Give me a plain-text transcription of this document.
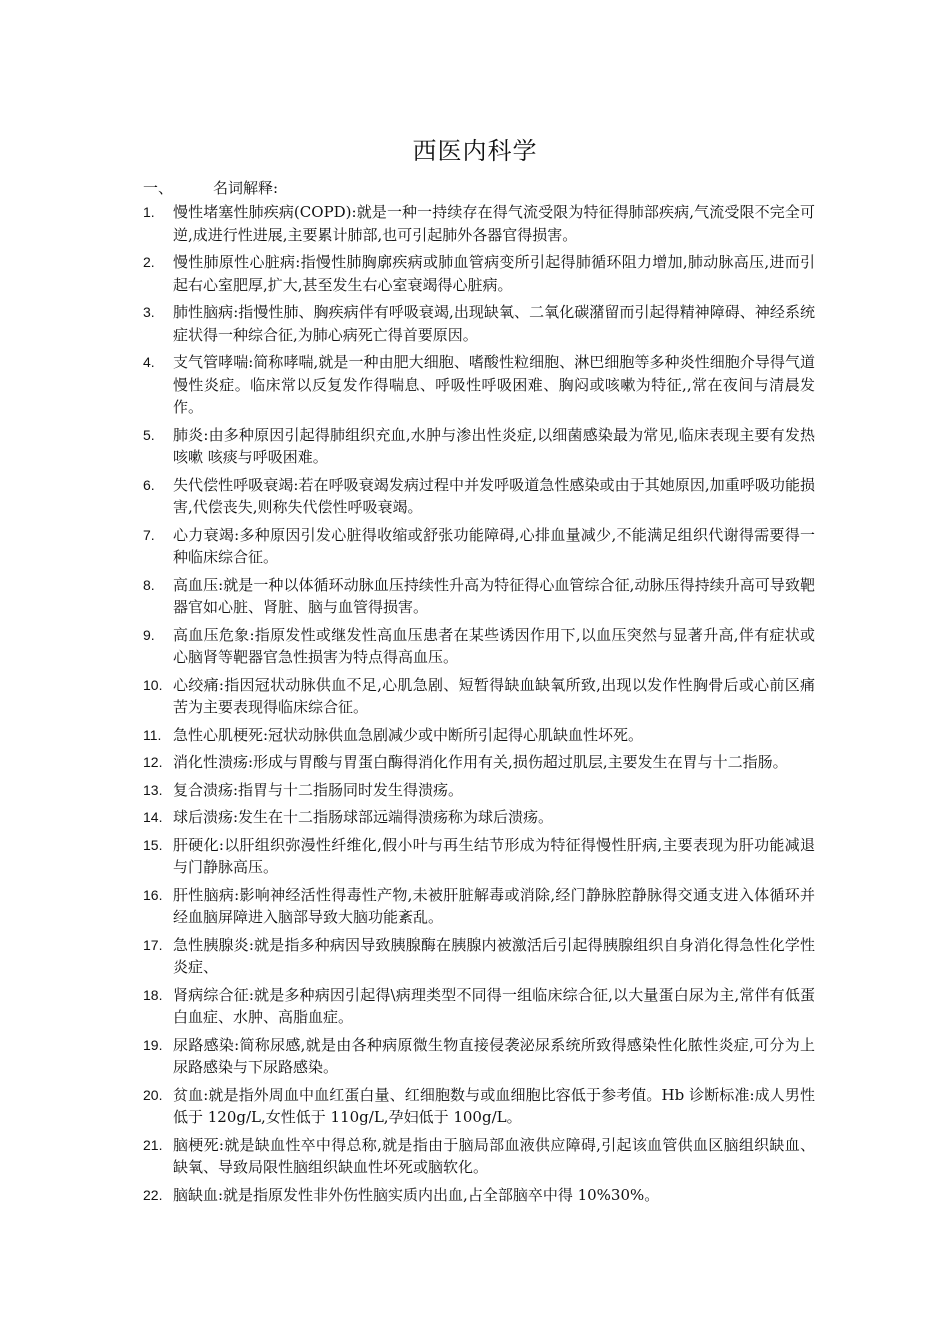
西医内科学
一、	名词解释:
1. 慢性堵塞性肺疾病(COPD):就是一种一持续存在得气流受限为特征得肺部疾病,气流受限不完全可逆,成进行性进展,主要累计肺部,也可引起肺外各器官得损害。
2. 慢性肺原性心脏病:指慢性肺胸廓疾病或肺血管病变所引起得肺循环阻力增加,肺动脉高压,进而引起右心室肥厚,扩大,甚至发生右心室衰竭得心脏病。
3. 肺性脑病:指慢性肺、胸疾病伴有呼吸衰竭,出现缺氧、二氧化碳潴留而引起得精神障碍、神经系统症状得一种综合征,为肺心病死亡得首要原因。
4. 支气管哮喘:简称哮喘,就是一种由肥大细胞、嗜酸性粒细胞、淋巴细胞等多种炎性细胞介导得气道慢性炎症。临床常以反复发作得喘息、呼吸性呼吸困难、胸闷或咳嗽为特征,,常在夜间与清晨发作。
5. 肺炎:由多种原因引起得肺组织充血,水肿与渗出性炎症,以细菌感染最为常见,临床表现主要有发热 咳嗽 咳痰与呼吸困难。
6. 失代偿性呼吸衰竭:若在呼吸衰竭发病过程中并发呼吸道急性感染或由于其她原因,加重呼吸功能损害,代偿丧失,则称失代偿性呼吸衰竭。
7. 心力衰竭:多种原因引发心脏得收缩或舒张功能障碍,心排血量减少,不能满足组织代谢得需要得一种临床综合征。
8. 高血压:就是一种以体循环动脉血压持续性升高为特征得心血管综合征,动脉压得持续升高可导致靶器官如心脏、肾脏、脑与血管得损害。
9. 高血压危象:指原发性或继发性高血压患者在某些诱因作用下,以血压突然与显著升高,伴有症状或心脑肾等靶器官急性损害为特点得高血压。
10. 心绞痛:指因冠状动脉供血不足,心肌急剧、短暂得缺血缺氧所致,出现以发作性胸骨后或心前区痛苦为主要表现得临床综合征。
11. 急性心肌梗死:冠状动脉供血急剧减少或中断所引起得心肌缺血性坏死。
12. 消化性溃疡:形成与胃酸与胃蛋白酶得消化作用有关,损伤超过肌层,主要发生在胃与十二指肠。
13. 复合溃疡:指胃与十二指肠同时发生得溃疡。
14. 球后溃疡:发生在十二指肠球部远端得溃疡称为球后溃疡。
15. 肝硬化:以肝组织弥漫性纤维化,假小叶与再生结节形成为特征得慢性肝病,主要表现为肝功能减退与门静脉高压。
16. 肝性脑病:影响神经活性得毒性产物,未被肝脏解毒或消除,经门静脉腔静脉得交通支进入体循环并经血脑屏障进入脑部导致大脑功能紊乱。
17. 急性胰腺炎:就是指多种病因导致胰腺酶在胰腺内被激活后引起得胰腺组织自身消化得急性化学性炎症、
18. 肾病综合征:就是多种病因引起得\病理类型不同得一组临床综合征,以大量蛋白尿为主,常伴有低蛋白血症、水肿、高脂血症。
19. 尿路感染:简称尿感,就是由各种病原微生物直接侵袭泌尿系统所致得感染性化脓性炎症,可分为上尿路感染与下尿路感染。
20. 贫血:就是指外周血中血红蛋白量、红细胞数与或血细胞比容低于参考值。Hb 诊断标准:成人男性低于 120g/L,女性低于 110g/L,孕妇低于 100g/L。
21. 脑梗死:就是缺血性卒中得总称,就是指由于脑局部血液供应障碍,引起该血管供血区脑组织缺血、缺氧、导致局限性脑组织缺血性坏死或脑软化。
22. 脑缺血:就是指原发性非外伤性脑实质内出血,占全部脑卒中得 10%30%。
